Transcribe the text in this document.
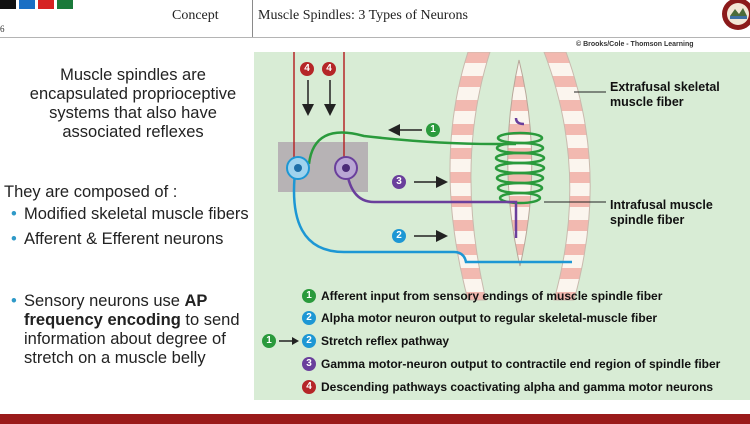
6
Concept	Muscle Spindles: 3 Types of Neurons
Muscle spindles are encapsulated proprioceptive systems that also have associated reflexes
They are composed of :
• Modified skeletal muscle fibers
• Afferent & Efferent neurons
• Sensory neurons use AP frequency encoding to send information about degree of stretch on a muscle belly
© Brooks/Cole - Thomson Learning
4	4
1
3
2
Extrafusal skeletal muscle fiber
Intrafusal muscle spindle fiber
1 Afferent input from sensory endings of muscle spindle fiber
2 Alpha motor neuron output to regular skeletal-muscle fiber
1	2 Stretch reflex pathway
3 Gamma motor-neuron output to contractile end region of spindle fiber
4 Descending pathways coactivating alpha and gamma motor neurons
